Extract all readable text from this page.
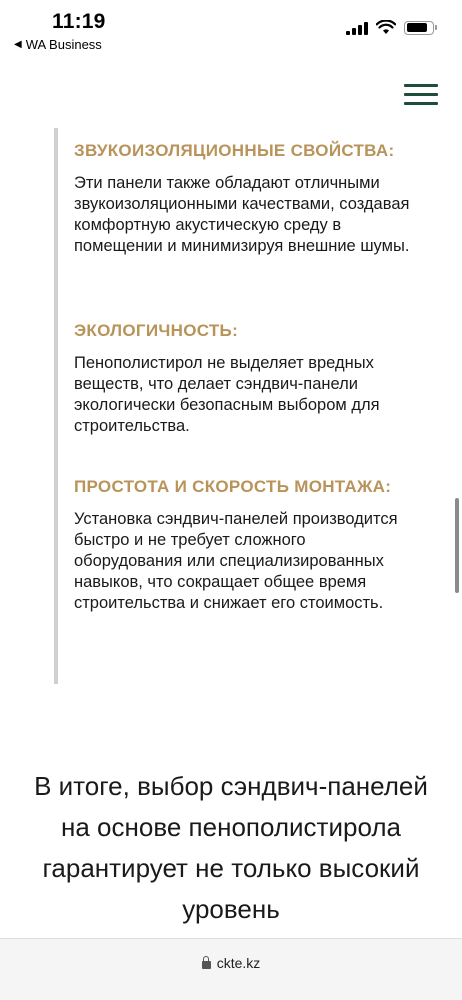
11:19
◀ WA Business
ЗВУКОИЗОЛЯЦИОННЫЕ СВОЙСТВА:
Эти панели также обладают отличными звукоизоляционными качествами, создавая комфортную акустическую среду в помещении и минимизируя внешние шумы.
ЭКОЛОГИЧНОСТЬ:
Пенополистирол не выделяет вредных веществ, что делает сэндвич-панели экологически безопасным выбором для строительства.
ПРОСТОТА И СКОРОСТЬ МОНТАЖА:
Установка сэндвич-панелей производится быстро и не требует сложного оборудования или специализированных навыков, что сокращает общее время строительства и снижает его стоимость.
В итоге, выбор сэндвич-панелей на основе пенополистирола гарантирует не только высокий уровень
ckte.kz
